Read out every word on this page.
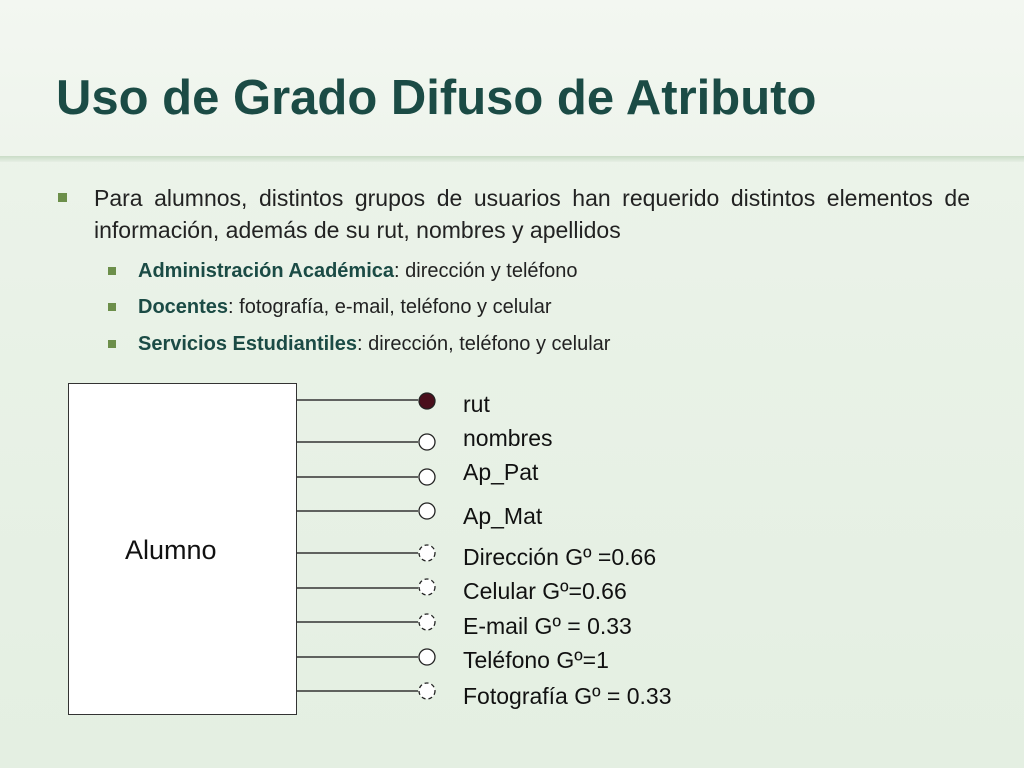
Uso de Grado Difuso de Atributo
Para alumnos, distintos grupos de usuarios han requerido distintos elementos de información, además de su rut, nombres y apellidos
Administración Académica: dirección y teléfono
Docentes: fotografía, e-mail, teléfono y celular
Servicios Estudiantiles: dirección, teléfono y celular
Alumno
rut
nombres
Ap_Pat
Ap_Mat
Dirección Gº =0.66
Celular Gº=0.66
E-mail Gº = 0.33
Teléfono Gº=1
Fotografía Gº = 0.33
